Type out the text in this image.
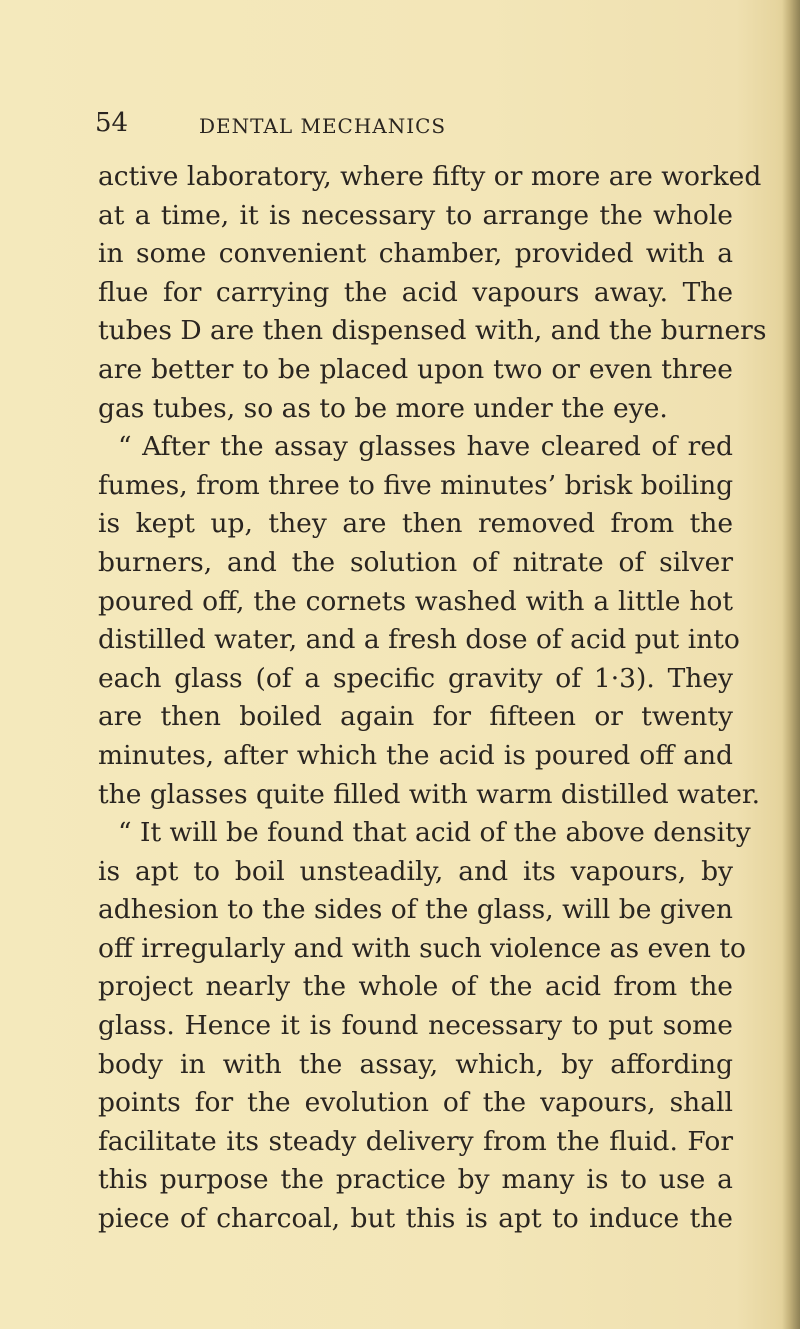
54	DENTAL MECHANICS
active laboratory, where fifty or more are worked
at a time, it is necessary to arrange the whole
in some convenient chamber, provided with a
flue for carrying the acid vapours away. The
tubes D are then dispensed with, and the burners
are better to be placed upon two or even three
gas tubes, so as to be more under the eye.
“ After the assay glasses have cleared of red
fumes, from three to five minutes’ brisk boiling
is kept up, they are then removed from the
burners, and the solution of nitrate of silver
poured off, the cornets washed with a little hot
distilled water, and a fresh dose of acid put into
each glass (of a specific gravity of 1·3). They
are then boiled again for fifteen or twenty
minutes, after which the acid is poured off and
the glasses quite filled with warm distilled water.
“ It will be found that acid of the above density
is apt to boil unsteadily, and its vapours, by
adhesion to the sides of the glass, will be given
off irregularly and with such violence as even to
project nearly the whole of the acid from the
glass. Hence it is found necessary to put some
body in with the assay, which, by affording
points for the evolution of the vapours, shall
facilitate its steady delivery from the fluid. For
this purpose the practice by many is to use a
piece of charcoal, but this is apt to induce the
